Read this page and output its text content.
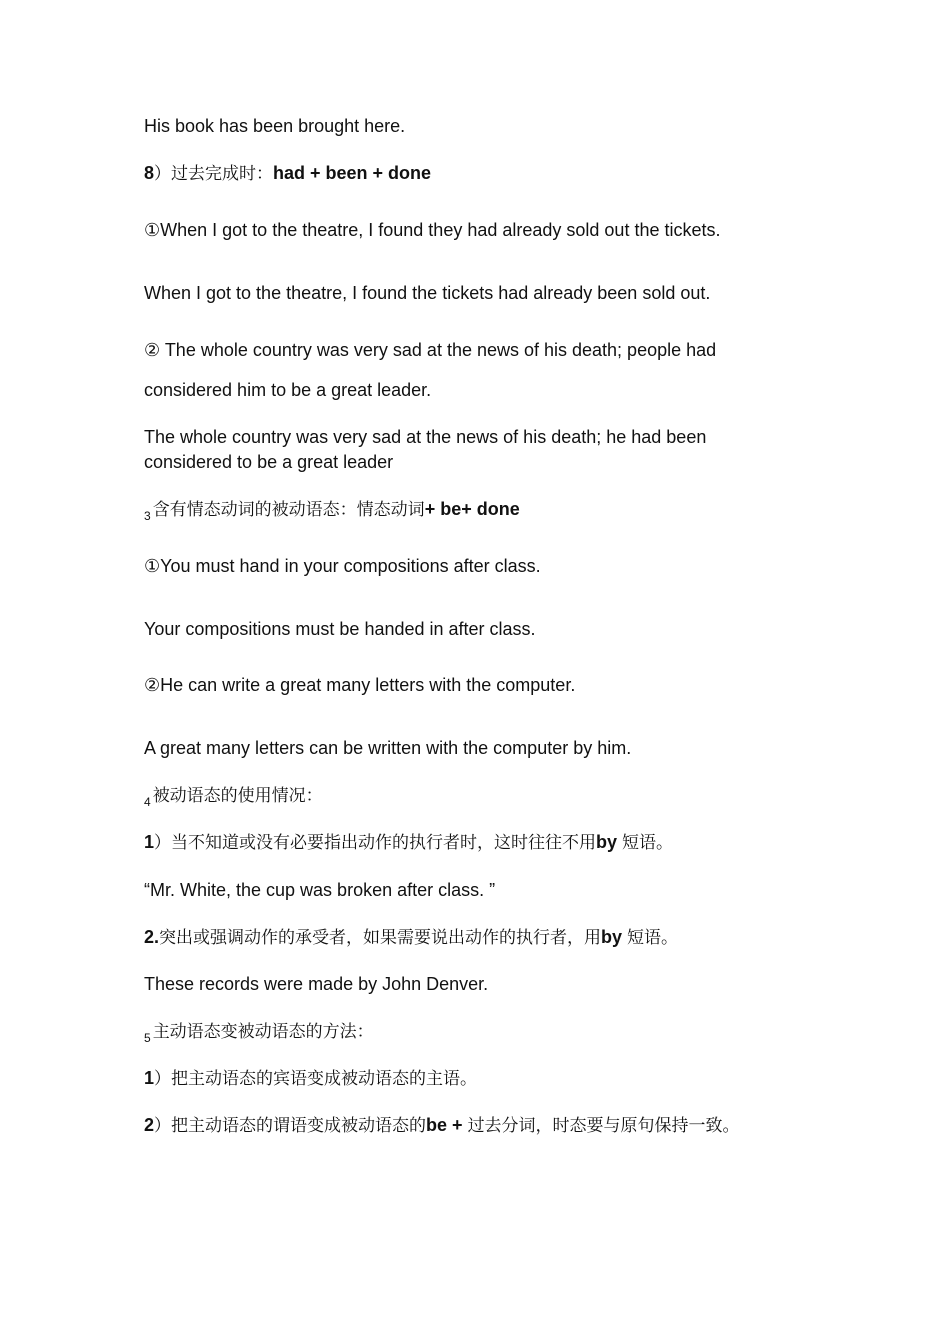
His book has been brought here.

8）过去完成时：had + been + done

①When I got to the theatre, I found they had already sold out the tickets.

When I got to the theatre, I found the tickets had already been sold out.

② The whole country was very sad at the news of his death; people had

considered him to be a great leader.

The whole country was very sad at the news of his death; he had been considered to be a great leader

$_3$ 含有情态动词的被动语态：情态动词+ be+ done

①You must hand in your compositions after class.

Your compositions must be handed in after class.

②He can write a great many letters with the computer.

A great many letters can be written with the computer by him.

$_4$ 被动语态的使用情况：

1）当不知道或没有必要指出动作的执行者时，这时往往不用by 短语。

“Mr. White, the cup was broken after class. ”

2.突出或强调动作的承受者，如果需要说出动作的执行者，用by 短语。

These records were made by John Denver.

$_5$ 主动语态变被动语态的方法：

1）把主动语态的宾语变成被动语态的主语。

2）把主动语态的谓语变成被动语态的be + 过去分词，时态要与原句保持一致。
